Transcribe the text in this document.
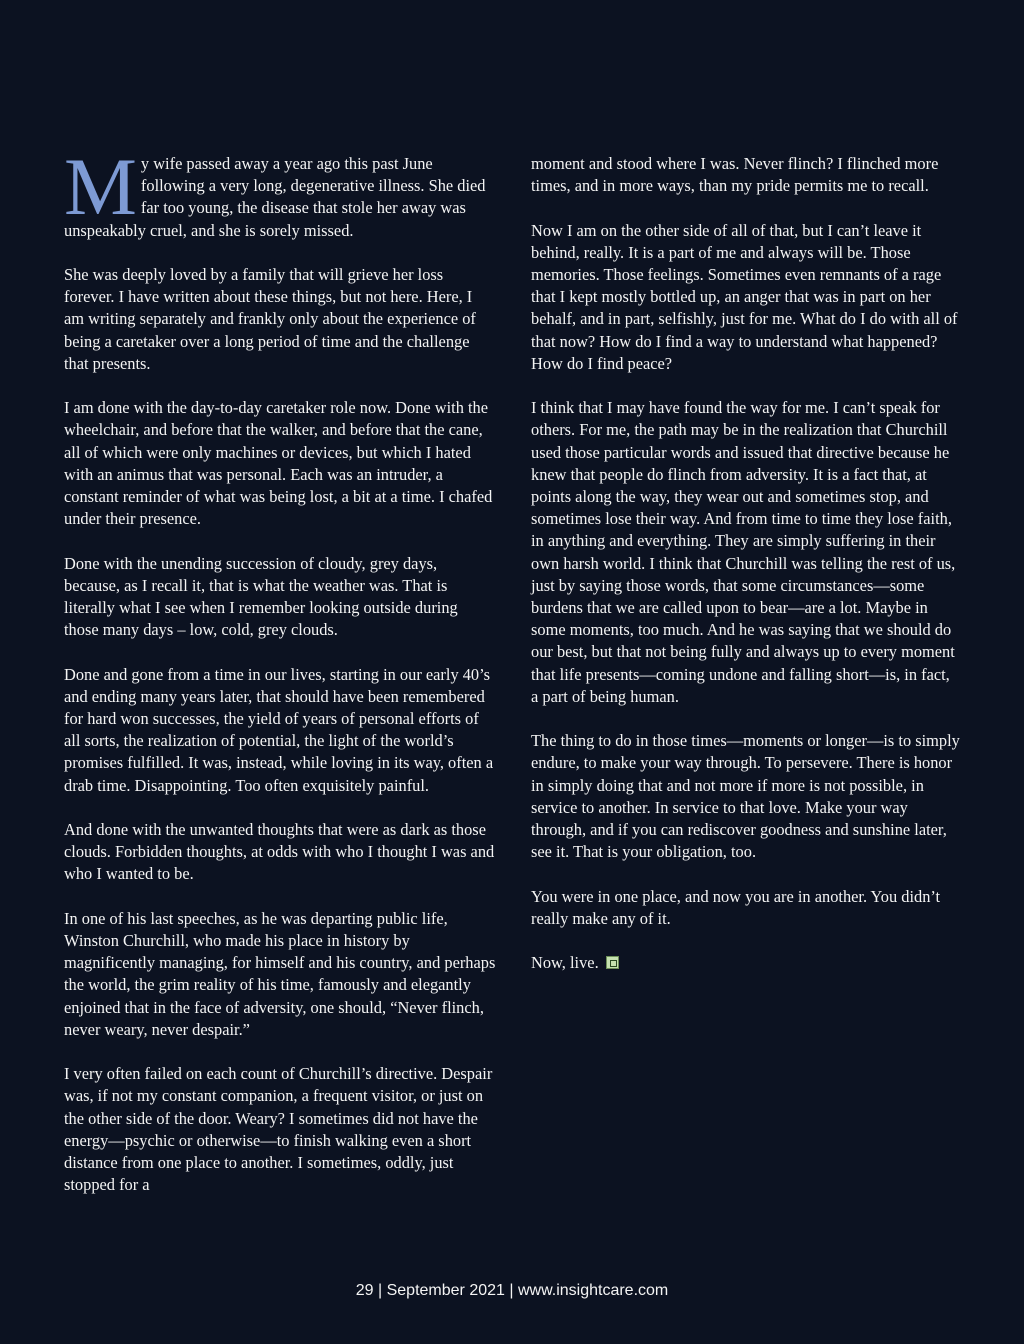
My wife passed away a year ago this past June following a very long, degenerative illness. She died far too young, the disease that stole her away was unspeakably cruel, and she is sorely missed.

She was deeply loved by a family that will grieve her loss forever. I have written about these things, but not here. Here, I am writing separately and frankly only about the experience of being a caretaker over a long period of time and the challenge that presents.

I am done with the day-to-day caretaker role now. Done with the wheelchair, and before that the walker, and before that the cane, all of which were only machines or devices, but which I hated with an animus that was personal. Each was an intruder, a constant reminder of what was being lost, a bit at a time. I chafed under their presence.

Done with the unending succession of cloudy, grey days, because, as I recall it, that is what the weather was. That is literally what I see when I remember looking outside during those many days – low, cold, grey clouds.

Done and gone from a time in our lives, starting in our early 40’s and ending many years later, that should have been remembered for hard won successes, the yield of years of personal efforts of all sorts, the realization of potential, the light of the world’s promises fulfilled. It was, instead, while loving in its way, often a drab time. Disappointing. Too often exquisitely painful.

And done with the unwanted thoughts that were as dark as those clouds. Forbidden thoughts, at odds with who I thought I was and who I wanted to be.

In one of his last speeches, as he was departing public life, Winston Churchill, who made his place in history by magnificently managing, for himself and his country, and perhaps the world, the grim reality of his time, famously and elegantly enjoined that in the face of adversity, one should, “Never flinch, never weary, never despair.”

I very often failed on each count of Churchill’s directive. Despair was, if not my constant companion, a frequent visitor, or just on the other side of the door. Weary? I sometimes did not have the energy—psychic or otherwise—to finish walking even a short distance from one place to another. I sometimes, oddly, just stopped for a

moment and stood where I was. Never flinch? I flinched more times, and in more ways, than my pride permits me to recall.

Now I am on the other side of all of that, but I can’t leave it behind, really. It is a part of me and always will be. Those memories. Those feelings. Sometimes even remnants of a rage that I kept mostly bottled up, an anger that was in part on her behalf, and in part, selfishly, just for me. What do I do with all of that now? How do I find a way to understand what happened? How do I find peace?

I think that I may have found the way for me. I can’t speak for others. For me, the path may be in the realization that Churchill used those particular words and issued that directive because he knew that people do flinch from adversity. It is a fact that, at points along the way, they wear out and sometimes stop, and sometimes lose their way. And from time to time they lose faith, in anything and everything. They are simply suffering in their own harsh world. I think that Churchill was telling the rest of us, just by saying those words, that some circumstances—some burdens that we are called upon to bear—are a lot. Maybe in some moments, too much. And he was saying that we should do our best, but that not being fully and always up to every moment that life presents—coming undone and falling short—is, in fact, a part of being human.

The thing to do in those times—moments or longer—is to simply endure, to make your way through. To persevere. There is honor in simply doing that and not more if more is not possible, in service to another. In service to that love. Make your way through, and if you can rediscover goodness and sunshine later, see it. That is your obligation, too.

You were in one place, and now you are in another. You didn’t really make any of it.

Now, live.

29 | September 2021 | www.insightcare.com
